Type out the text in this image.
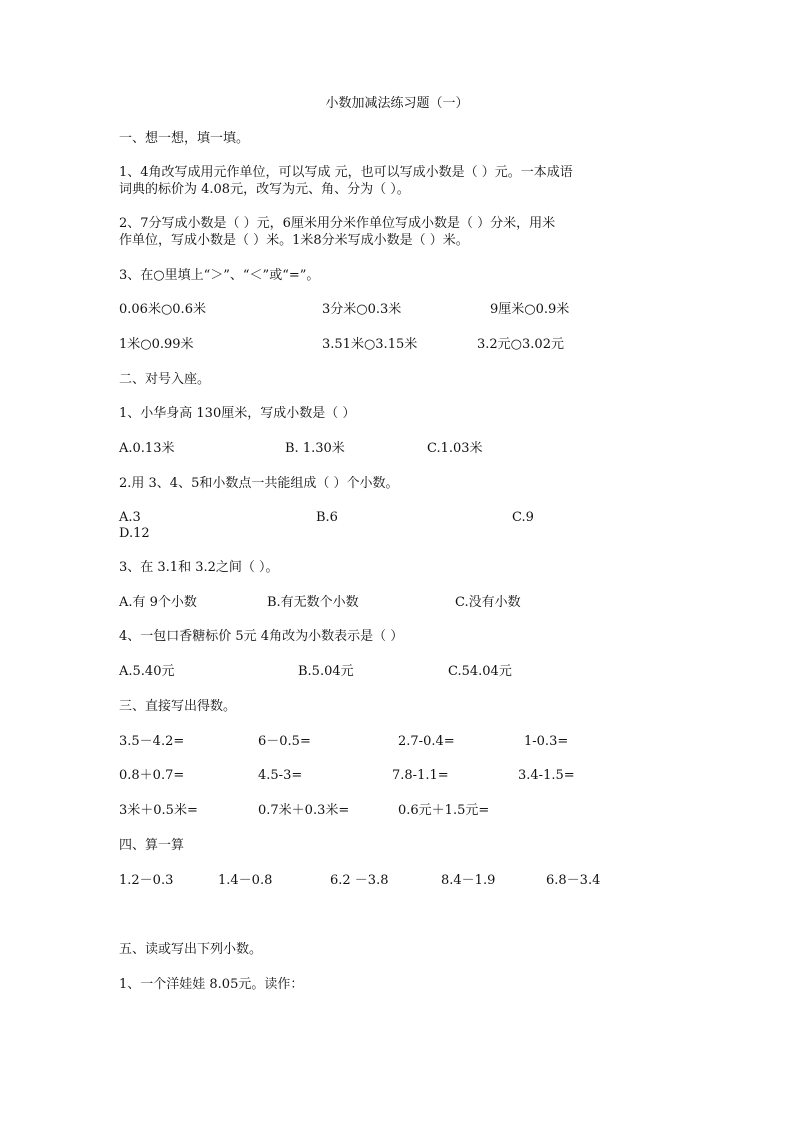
小数加减法练习题（一）
一、想一想，填一填。
1、4角改写成用元作单位，可以写成 元，也可以写成小数是（ ）元。一本成语
词典的标价为 4.08元，改写为元、角、分为（ ）。
2、7分写成小数是（ ）元，6厘米用分米作单位写成小数是（ ）分米，用米
作单位，写成小数是（ ）米。1米8分米写成小数是（ ）米。
3、在○里填上“＞”、“＜”或“=”。
0.06米○0.6米	3分米○0.3米	9厘米○0.9米
1米○0.99米	3.51米○3.15米	3.2元○3.02元
二、对号入座。
1、小华身高 130厘米，写成小数是（ ）
A.0.13米	B. 1.30米	C.1.03米
2.用 3、4、5和小数点一共能组成（ ）个小数。
A.3	B.6	C.9
D.12
3、在 3.1和 3.2之间（ ）。
A.有 9个小数	B.有无数个小数	C.没有小数
4、一包口香糖标价 5元 4角改为小数表示是（ ）
A.5.40元	B.5.04元	C.54.04元
三、直接写出得数。
3.5－4.2=	6－0.5=	2.7-0.4=	1-0.3=
0.8＋0.7=	4.5-3=	7.8-1.1=	3.4-1.5=
3米＋0.5米=	0.7米＋0.3米=	0.6元＋1.5元=
四、算一算
1.2－0.3	1.4－0.8	6.2 －3.8	8.4－1.9	6.8－3.4
五、读或写出下列小数。
1、一个洋娃娃 8.05元。读作：
